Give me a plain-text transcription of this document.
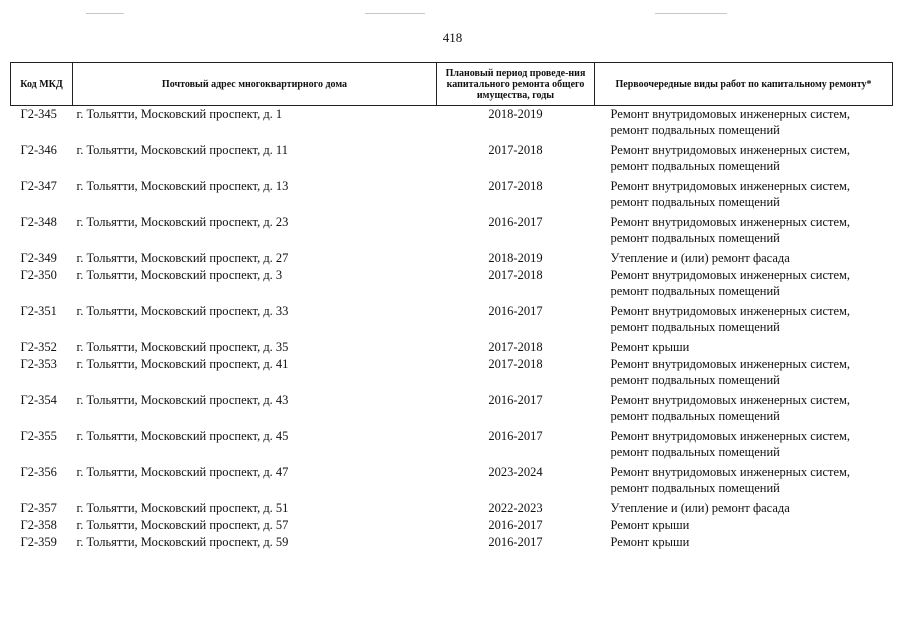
418
Код МКД	Почтовый адрес многоквартирного дома	Плановый период проведе-ния капитального ремонта общего имущества, годы	Первоочередные виды работ по капитальному ремонту*
Г2-345	г. Тольятти, Московский проспект, д. 1	2018-2019	Ремонт внутридомовых инженерных систем,
ремонт подвальных помещений

Г2-346	г. Тольятти, Московский проспект, д. 11	2017-2018	Ремонт внутридомовых инженерных систем,
ремонт подвальных помещений

Г2-347	г. Тольятти, Московский проспект, д. 13	2017-2018	Ремонт внутридомовых инженерных систем,
ремонт подвальных помещений

Г2-348	г. Тольятти, Московский проспект, д. 23	2016-2017	Ремонт внутридомовых инженерных систем,
ремонт подвальных помещений

Г2-349	г. Тольятти, Московский проспект, д. 27	2018-2019	Утепление и (или) ремонт фасада

Г2-350	г. Тольятти, Московский проспект, д. 3	2017-2018	Ремонт внутридомовых инженерных систем,
ремонт подвальных помещений

Г2-351	г. Тольятти, Московский проспект, д. 33	2016-2017	Ремонт внутридомовых инженерных систем,
ремонт подвальных помещений

Г2-352	г. Тольятти, Московский проспект, д. 35	2017-2018	Ремонт крыши

Г2-353	г. Тольятти, Московский проспект, д. 41	2017-2018	Ремонт внутридомовых инженерных систем,
ремонт подвальных помещений

Г2-354	г. Тольятти, Московский проспект, д. 43	2016-2017	Ремонт внутридомовых инженерных систем,
ремонт подвальных помещений

Г2-355	г. Тольятти, Московский проспект, д. 45	2016-2017	Ремонт внутридомовых инженерных систем,
ремонт подвальных помещений

Г2-356	г. Тольятти, Московский проспект, д. 47	2023-2024	Ремонт внутридомовых инженерных систем,
ремонт подвальных помещений

Г2-357	г. Тольятти, Московский проспект, д. 51	2022-2023	Утепление и (или) ремонт фасада

Г2-358	г. Тольятти, Московский проспект, д. 57	2016-2017	Ремонт крыши

Г2-359	г. Тольятти, Московский проспект, д. 59	2016-2017	Ремонт крыши
